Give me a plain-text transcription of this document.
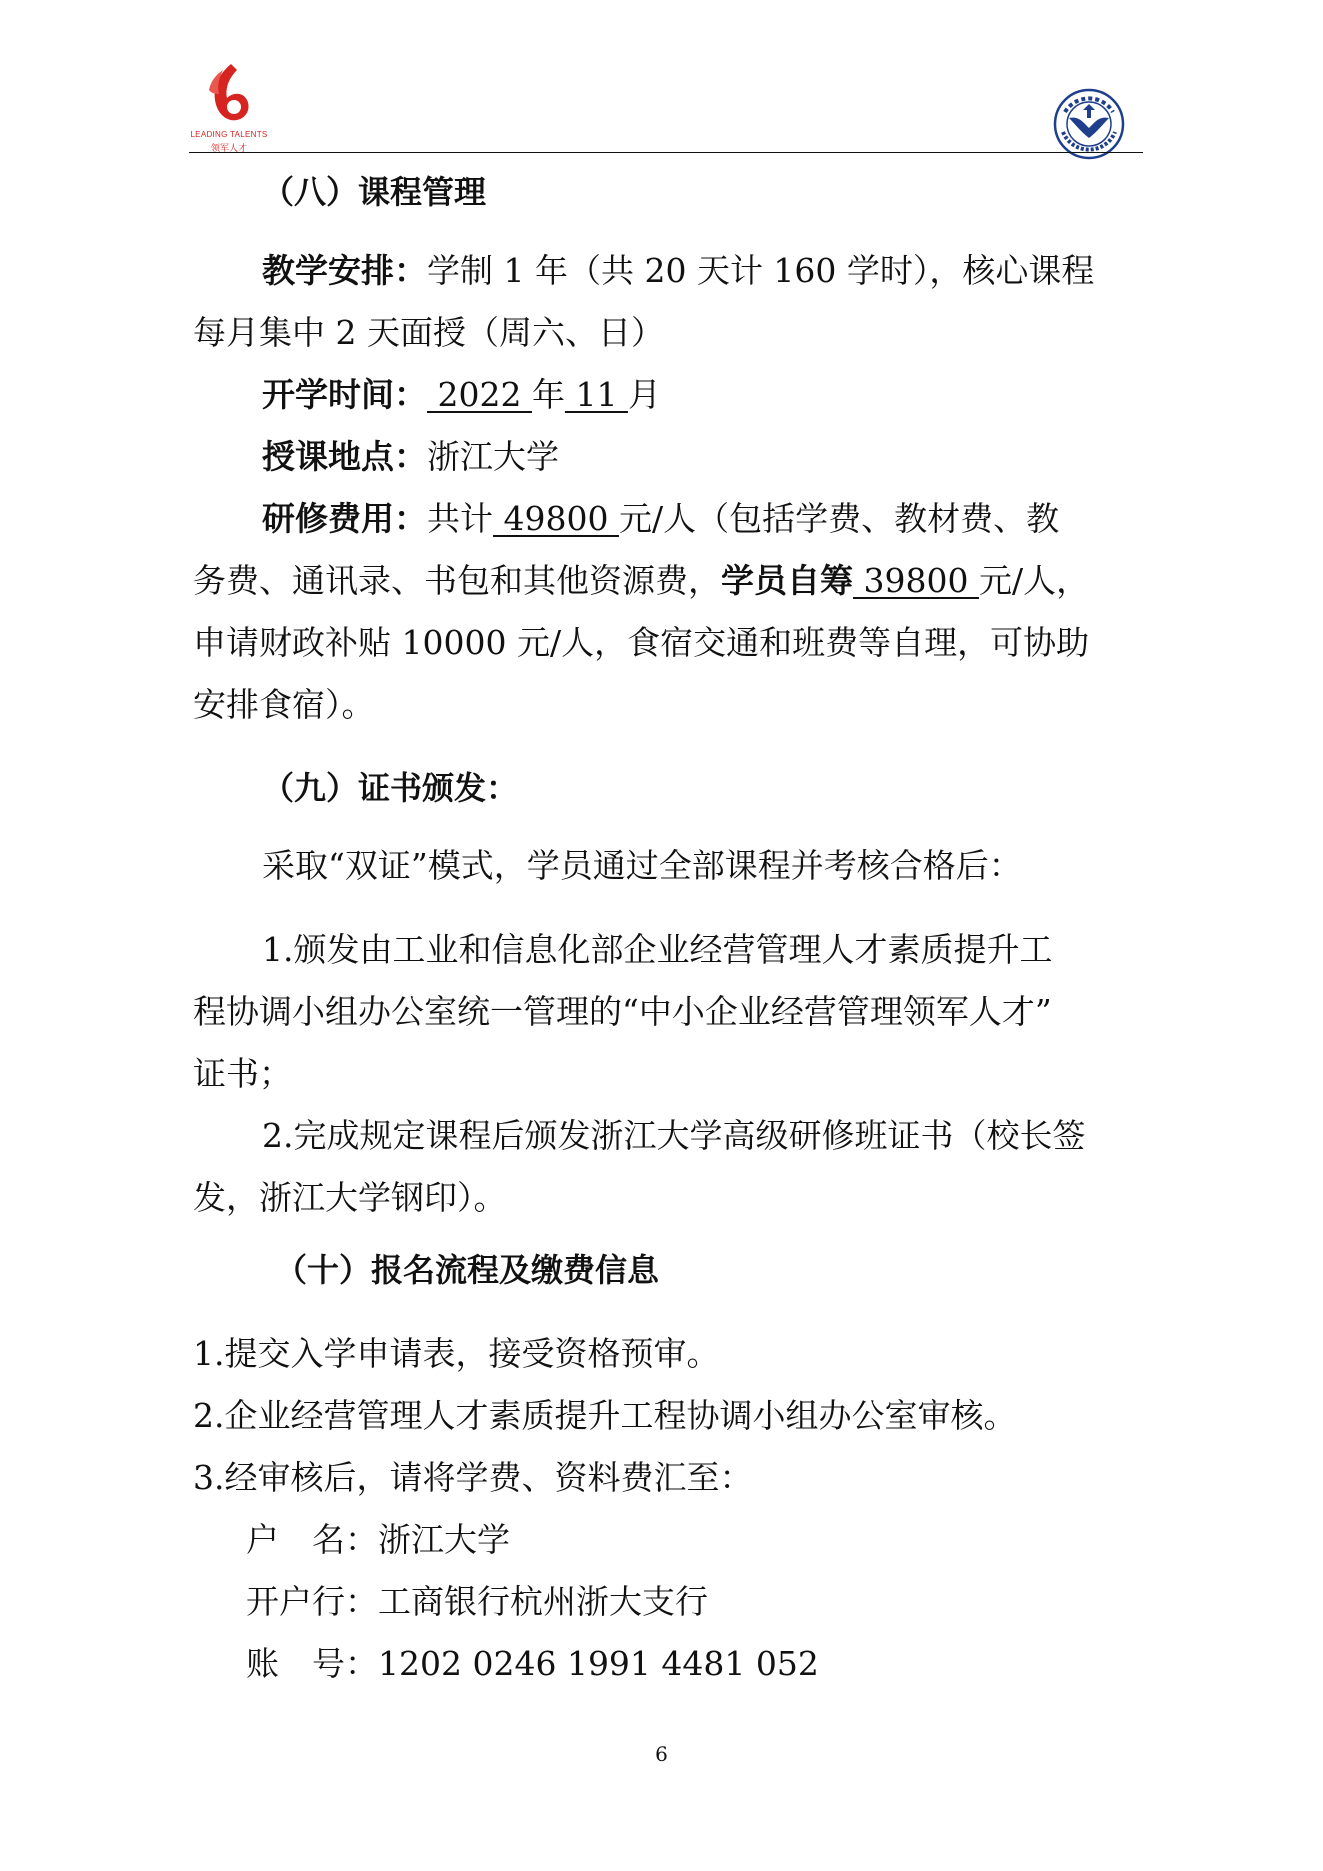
LEADING TALENTS
领军人才
（八）课程管理
教学安排：学制 1 年（共 20 天计 160 学时），核心课程
每月集中 2 天面授（周六、日）
开学时间： 2022 年 11 月
授课地点：浙江大学
研修费用：共计 49800 元/人（包括学费、教材费、教
务费、通讯录、书包和其他资源费，学员自筹 39800 元/人，
申请财政补贴 10000 元/人，食宿交通和班费等自理，可协助
安排食宿）。
（九）证书颁发：
采取“双证”模式，学员通过全部课程并考核合格后：
1.颁发由工业和信息化部企业经营管理人才素质提升工
程协调小组办公室统一管理的“中小企业经营管理领军人才”
证书；
2.完成规定课程后颁发浙江大学高级研修班证书（校长签
发，浙江大学钢印）。
（十）报名流程及缴费信息
1.提交入学申请表，接受资格预审。
2.企业经营管理人才素质提升工程协调小组办公室审核。
3.经审核后，请将学费、资料费汇至：
户　名：浙江大学
开户行：工商银行杭州浙大支行
账　号：1202 0246 1991 4481 052
6
